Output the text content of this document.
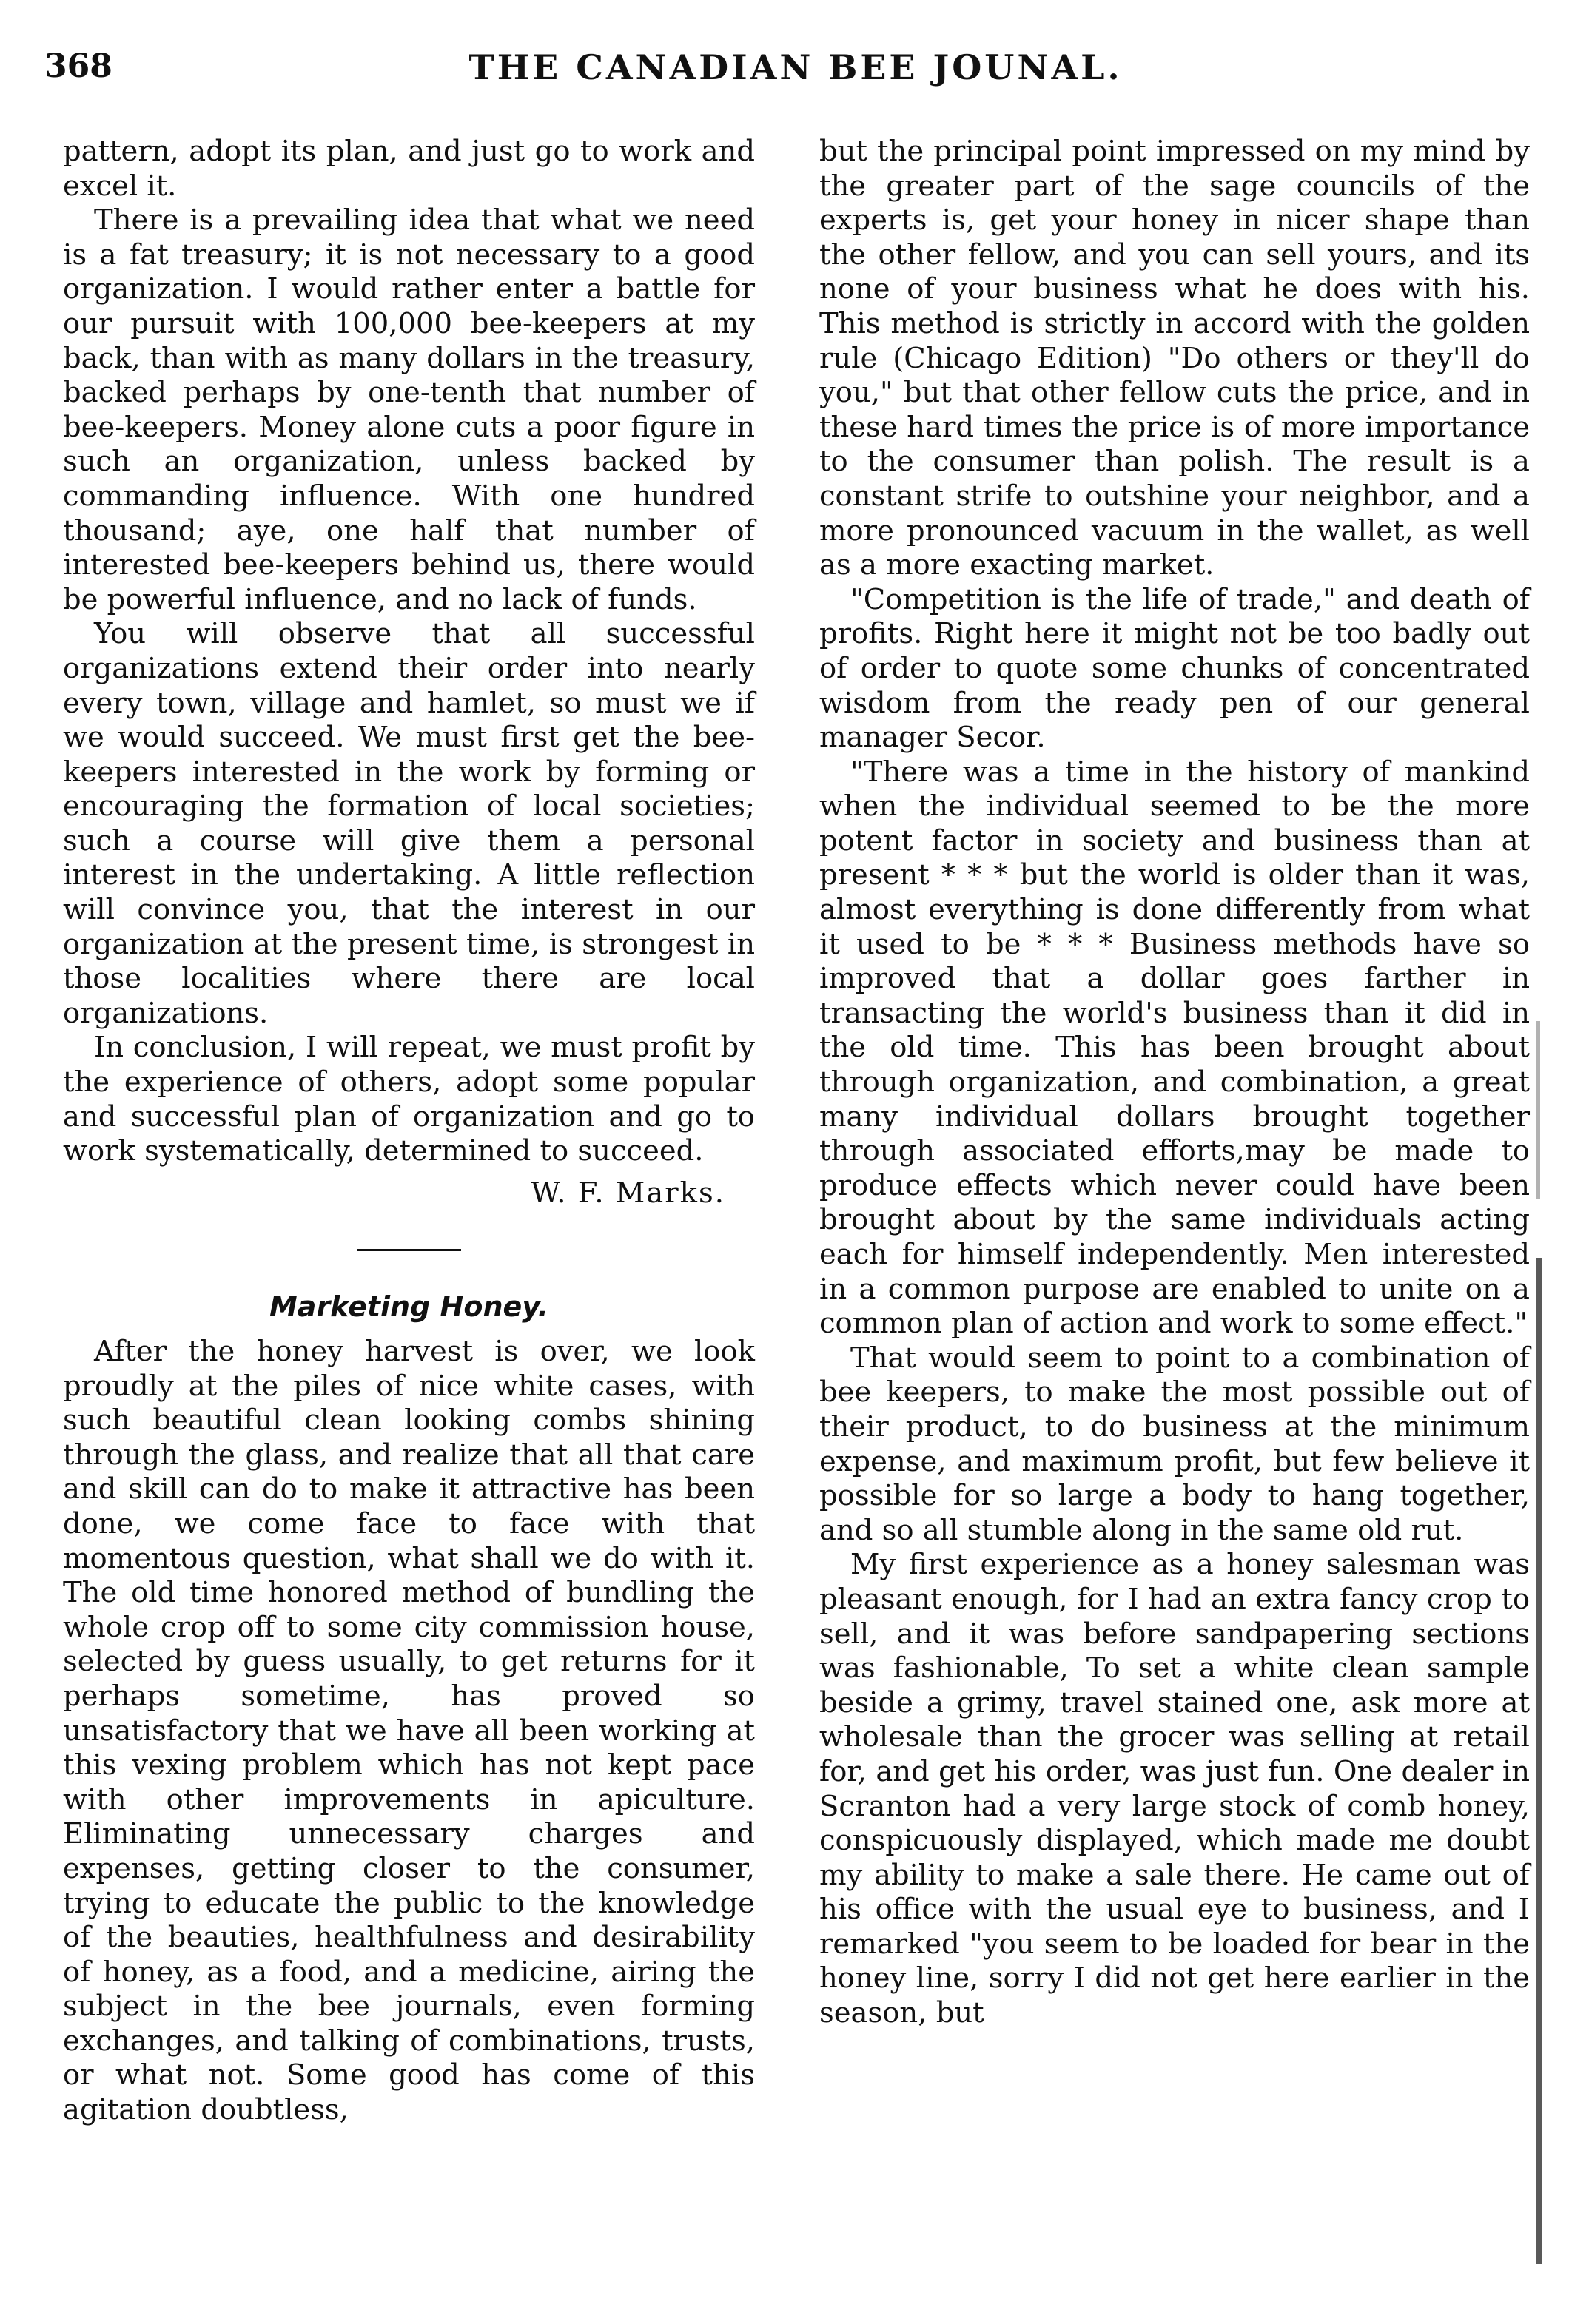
368	THE CANADIAN BEE JOUNAL.

pattern, adopt its plan, and just go to work and excel it.

There is a prevailing idea that what we need is a fat treasury; it is not necessary to a good organization. I would rather enter a battle for our pursuit with 100,000 bee-keepers at my back, than with as many dollars in the treasury, backed perhaps by one-tenth that number of bee-keepers. Money alone cuts a poor figure in such an organization, unless backed by commanding influence. With one hundred thousand; aye, one half that number of interested bee-keepers behind us, there would be powerful influence, and no lack of funds.

You will observe that all successful organizations extend their order into nearly every town, village and hamlet, so must we if we would succeed. We must first get the bee-keepers interested in the work by forming or encouraging the formation of local societies; such a course will give them a personal interest in the undertaking. A little reflection will convince you, that the interest in our organization at the present time, is strongest in those localities where there are local organizations.

In conclusion, I will repeat, we must profit by the experience of others, adopt some popular and successful plan of organization and go to work systematically, determined to succeed.

W. F. Marks.
Marketing Honey.

After the honey harvest is over, we look proudly at the piles of nice white cases, with such beautiful clean looking combs shining through the glass, and realize that all that care and skill can do to make it attractive has been done, we come face to face with that momentous question, what shall we do with it. The old time honored method of bundling the whole crop off to some city commission house, selected by guess usually, to get returns for it perhaps sometime, has proved so unsatisfactory that we have all been working at this vexing problem which has not kept pace with other improvements in apiculture. Eliminating unnecessary charges and expenses, getting closer to the consumer, trying to educate the public to the knowledge of the beauties, healthfulness and desirability of honey, as a food, and a medicine, airing the subject in the bee journals, even forming exchanges, and talking of combinations, trusts, or what not. Some good has come of this agitation doubtless,

but the principal point impressed on my mind by the greater part of the sage councils of the experts is, get your honey in nicer shape than the other fellow, and you can sell yours, and its none of your business what he does with his. This method is strictly in accord with the golden rule (Chicago Edition) "Do others or they'll do you," but that other fellow cuts the price, and in these hard times the price is of more importance to the consumer than polish. The result is a constant strife to outshine your neighbor, and a more pronounced vacuum in the wallet, as well as a more exacting market.

"Competition is the life of trade," and death of profits. Right here it might not be too badly out of order to quote some chunks of concentrated wisdom from the ready pen of our general manager Secor.

"There was a time in the history of mankind when the individual seemed to be the more potent factor in society and business than at present * * * but the world is older than it was, almost everything is done differently from what it used to be * * * Business methods have so improved that a dollar goes farther in transacting the world's business than it did in the old time. This has been brought about through organization, and combination, a great many individual dollars brought together through associated efforts,may be made to produce effects which never could have been brought about by the same individuals acting each for himself independently. Men interested in a common purpose are enabled to unite on a common plan of action and work to some effect."

That would seem to point to a combination of bee keepers, to make the most possible out of their product, to do business at the minimum expense, and maximum profit, but few believe it possible for so large a body to hang together, and so all stumble along in the same old rut.

My first experience as a honey salesman was pleasant enough, for I had an extra fancy crop to sell, and it was before sandpapering sections was fashionable, To set a white clean sample beside a grimy, travel stained one, ask more at wholesale than the grocer was selling at retail for, and get his order, was just fun. One dealer in Scranton had a very large stock of comb honey, conspicuously displayed, which made me doubt my ability to make a sale there. He came out of his office with the usual eye to business, and I remarked "you seem to be loaded for bear in the honey line, sorry I did not get here earlier in the season, but
